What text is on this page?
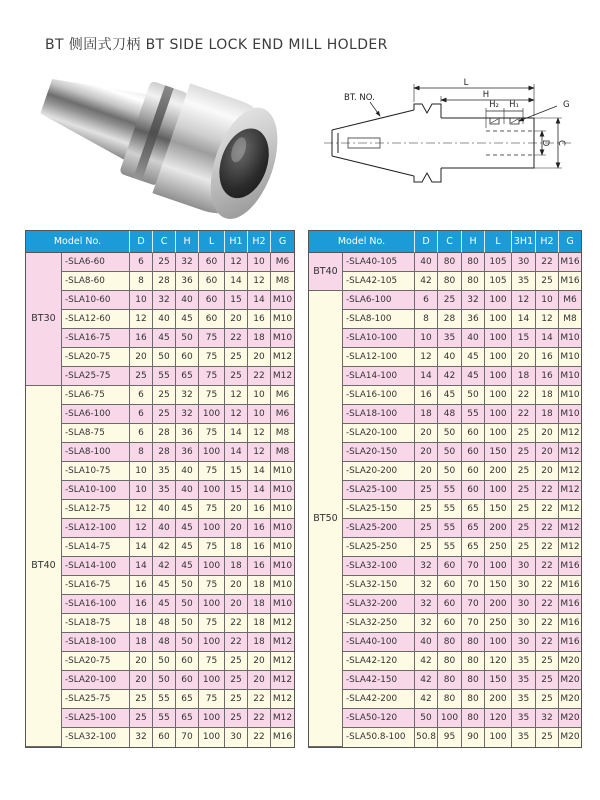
BT 侧固式刀柄 BT SIDE LOCK END MILL HOLDER
L
H
H₂ H₁	G
BT. NO.
D C
Model No.		D	C	H	L	H1	H2	G
BT30	-SLA6-60	6	25	32	60	12	10	M6
	-SLA8-60	8	28	36	60	14	12	M8
	-SLA10-60	10	32	40	60	15	14	M10
	-SLA12-60	12	40	45	60	20	16	M10
	-SLA16-75	16	45	50	75	22	18	M10
	-SLA20-75	20	50	60	75	25	20	M12
	-SLA25-75	25	55	65	75	25	22	M12
BT40	-SLA6-75	6	25	32	75	12	10	M6
	-SLA6-100	6	25	32	100	12	10	M6
	-SLA8-75	6	28	36	75	14	12	M8
	-SLA8-100	8	28	36	100	14	12	M8
	-SLA10-75	10	35	40	75	15	14	M10
	-SLA10-100	10	35	40	100	15	14	M10
	-SLA12-75	12	40	45	75	20	16	M10
	-SLA12-100	12	40	45	100	20	16	M10
	-SLA14-75	14	42	45	75	18	16	M10
	-SLA14-100	14	42	45	100	18	16	M10
	-SLA16-75	16	45	50	75	20	18	M10
	-SLA16-100	16	45	50	100	20	18	M10
	-SLA18-75	18	48	50	75	22	18	M12
	-SLA18-100	18	48	50	100	22	18	M12
	-SLA20-75	20	50	60	75	25	20	M12
	-SLA20-100	20	50	60	100	25	20	M12
	-SLA25-75	25	55	65	75	25	22	M12
	-SLA25-100	25	55	65	100	25	22	M12
	-SLA32-100	32	60	70	100	30	22	M16
Model No.		D	C	H	L	3H1	H2	G
BT40	-SLA40-105	40	80	80	105	30	22	M16
	-SLA42-105	42	80	80	105	35	25	M16
BT50	-SLA6-100	6	25	32	100	12	10	M6
	-SLA8-100	8	28	36	100	14	12	M8
	-SLA10-100	10	35	40	100	15	14	M10
	-SLA12-100	12	40	45	100	20	16	M10
	-SLA14-100	14	42	45	100	18	16	M10
	-SLA16-100	16	45	50	100	22	18	M10
	-SLA18-100	18	48	55	100	22	18	M10
	-SLA20-100	20	50	60	100	25	20	M12
	-SLA20-150	20	50	60	150	25	20	M12
	-SLA20-200	20	50	60	200	25	20	M12
	-SLA25-100	25	55	60	100	25	22	M12
	-SLA25-150	25	55	65	150	25	22	M12
	-SLA25-200	25	55	65	200	25	22	M12
	-SLA25-250	25	55	65	250	25	22	M12
	-SLA32-100	32	60	70	100	30	22	M16
	-SLA32-150	32	60	70	150	30	22	M16
	-SLA32-200	32	60	70	200	30	22	M16
	-SLA32-250	32	60	70	250	30	22	M16
	-SLA40-100	40	80	80	100	30	22	M16
	-SLA42-120	42	80	80	120	35	25	M20
	-SLA42-150	42	80	80	150	35	25	M20
	-SLA42-200	42	80	80	200	35	25	M20
	-SLA50-120	50	100	80	120	35	32	M20
	-SLA50.8-100	50.8	95	90	100	35	25	M20
